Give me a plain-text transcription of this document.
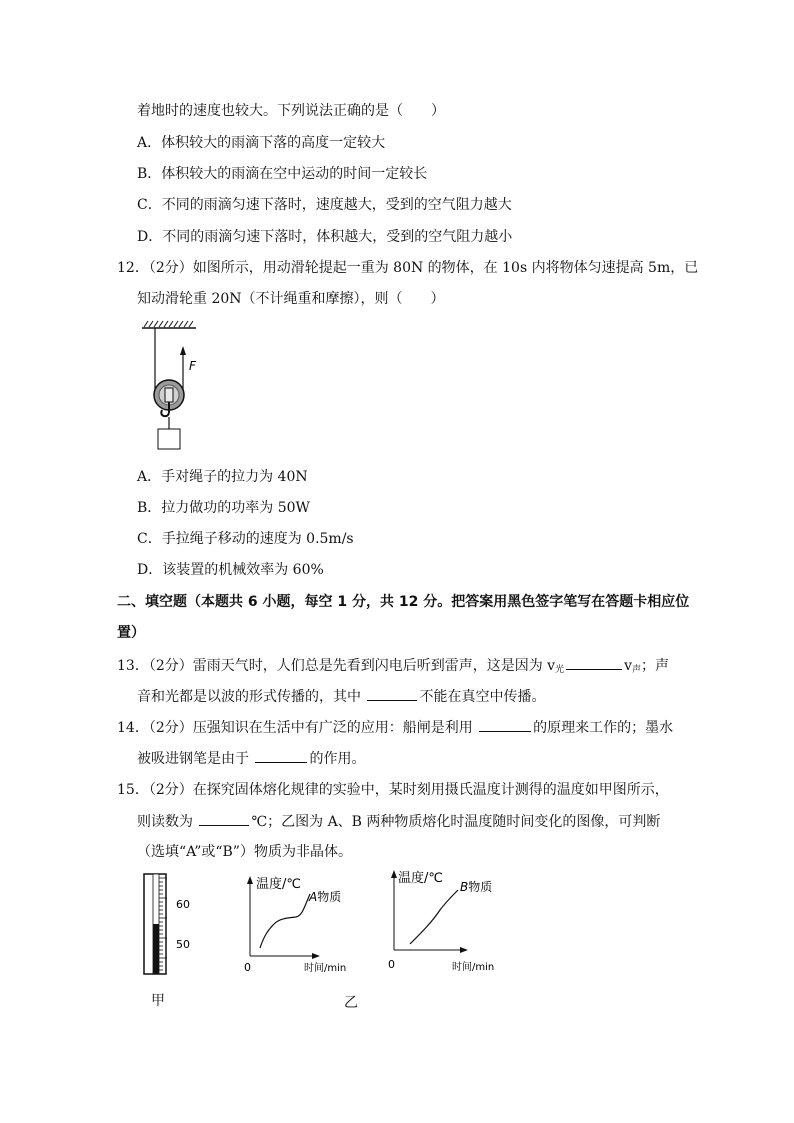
着地时的速度也较大。下列说法正确的是（　　）
A．体积较大的雨滴下落的高度一定较大
B．体积较大的雨滴在空中运动的时间一定较长
C．不同的雨滴匀速下落时，速度越大，受到的空气阻力越大
D．不同的雨滴匀速下落时，体积越大，受到的空气阻力越小
12．（2分）如图所示，用动滑轮提起一重为 80N 的物体，在 10s 内将物体匀速提高 5m，已
知动滑轮重 20N（不计绳重和摩擦），则（　　）
F
A．手对绳子的拉力为 40N
B．拉力做功的功率为 50W
C．手拉绳子移动的速度为 0.5m/s
D．该装置的机械效率为 60%
二、填空题（本题共 6 小题，每空 1 分，共 12 分。把答案用黑色签字笔写在答题卡相应位
置）
13．（2分）雷雨天气时，人们总是先看到闪电后听到雷声，这是因为 $v_光$	$v_声$；声
音和光都是以波的形式传播的，其中	不能在真空中传播。
14．（2分）压强知识在生活中有广泛的应用：船闸是利用	的原理来工作的；墨水
被吸进钢笔是由于	的作用。
15．（2分）在探究固体熔化规律的实验中，某时刻用摄氏温度计测得的温度如甲图所示，
则读数为	℃；乙图为 A、B 两种物质熔化时温度随时间变化的图像，可判断
（选填“A”或“B”）物质为非晶体。
60
50
温度/℃
0	时间/min
A物质
温度/℃
0	时间/min
B物质
甲	乙
